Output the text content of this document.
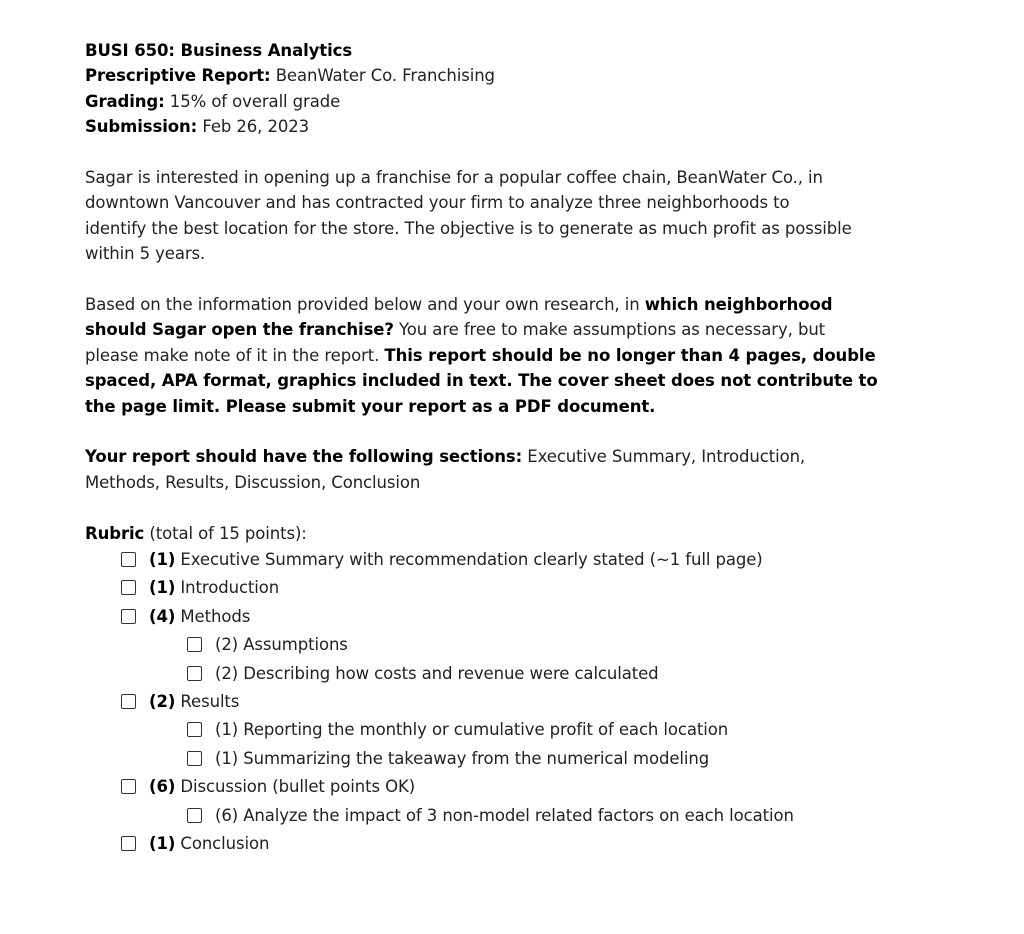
BUSI 650: Business Analytics
Prescriptive Report: BeanWater Co. Franchising
Grading: 15% of overall grade
Submission: Feb 26, 2023
Sagar is interested in opening up a franchise for a popular coffee chain, BeanWater Co., in
downtown Vancouver and has contracted your firm to analyze three neighborhoods to
identify the best location for the store. The objective is to generate as much profit as possible
within 5 years.
Based on the information provided below and your own research, in which neighborhood
should Sagar open the franchise? You are free to make assumptions as necessary, but
please make note of it in the report. This report should be no longer than 4 pages, double
spaced, APA format, graphics included in text. The cover sheet does not contribute to
the page limit. Please submit your report as a PDF document.
Your report should have the following sections: Executive Summary, Introduction,
Methods, Results, Discussion, Conclusion
Rubric (total of 15 points):
(1) Executive Summary with recommendation clearly stated (~1 full page)
(1) Introduction
(4) Methods
(2) Assumptions
(2) Describing how costs and revenue were calculated
(2) Results
(1) Reporting the monthly or cumulative profit of each location
(1) Summarizing the takeaway from the numerical modeling
(6) Discussion (bullet points OK)
(6) Analyze the impact of 3 non-model related factors on each location
(1) Conclusion
